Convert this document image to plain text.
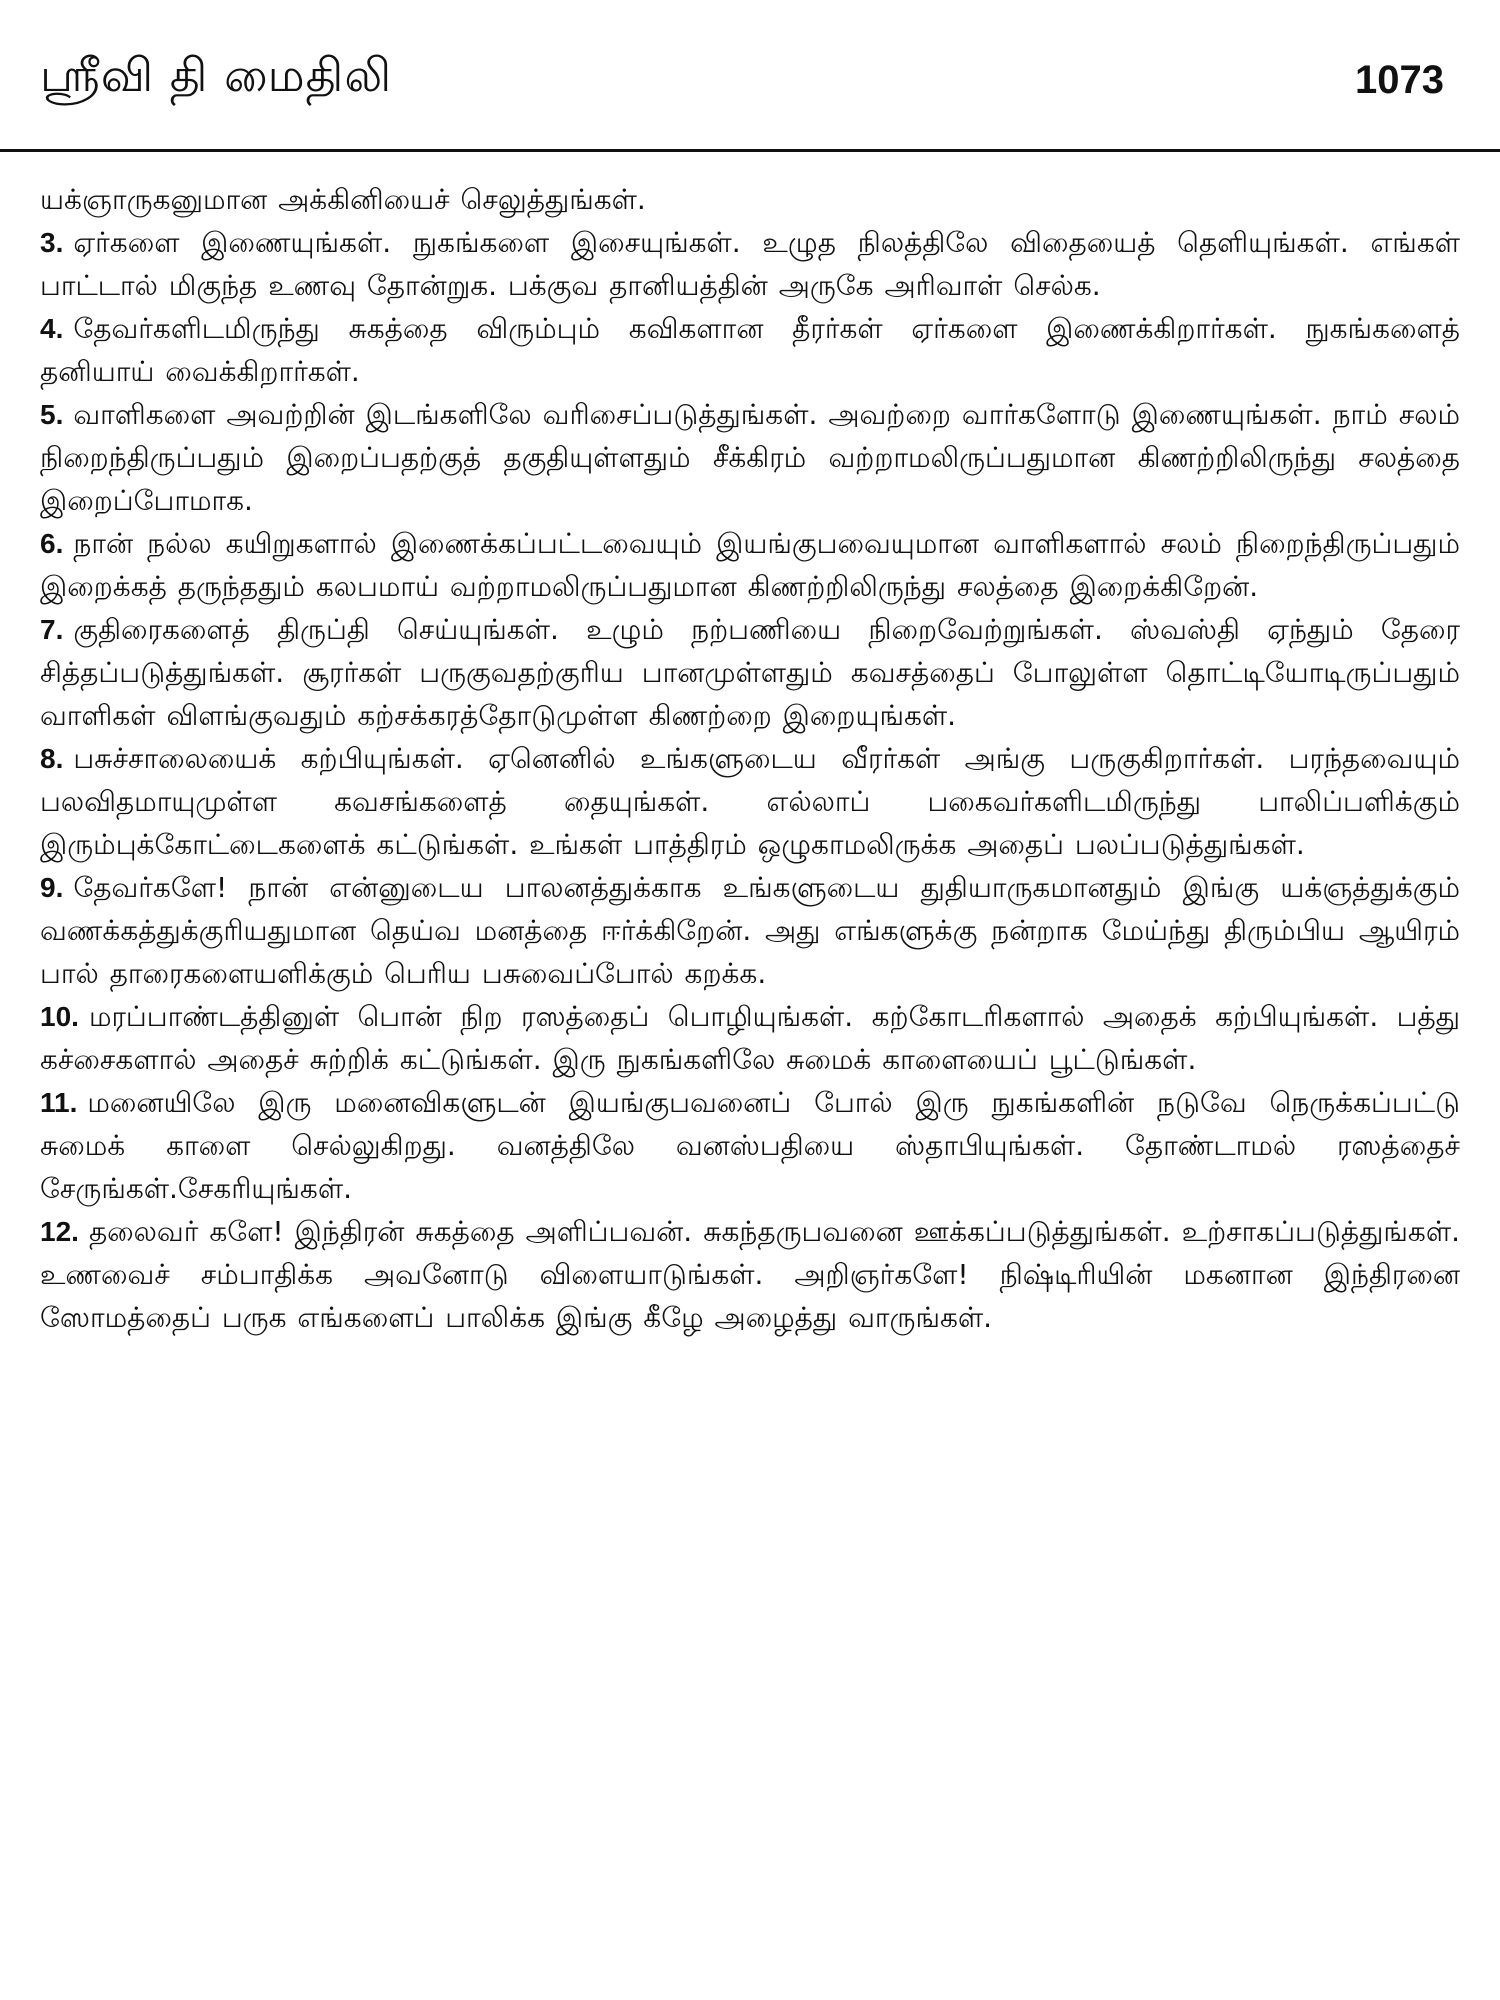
ஸ்ரீவி தி மைதிலி	1073

யக்ஞாருகனுமான அக்கினியைச் செலுத்துங்கள்.

3. ஏர்களை இணையுங்கள். நுகங்களை இசையுங்கள். உழுத நிலத்திலே விதையைத் தெளியுங்கள். எங்கள் பாட்டால் மிகுந்த உணவு தோன்றுக. பக்குவ தானியத்தின் அருகே அரிவாள் செல்க.

4. தேவர்களிடமிருந்து சுகத்தை விரும்பும் கவிகளான தீரர்கள் ஏர்களை இணைக்கிறார்கள். நுகங்களைத் தனியாய் வைக்கிறார்கள்.

5. வாளிகளை அவற்றின் இடங்களிலே வரிசைப்படுத்துங்கள். அவற்றை வார்களோடு இணையுங்கள். நாம் சலம் நிறைந்திருப்பதும் இறைப்பதற்குத் தகுதியுள்ளதும் சீக்கிரம் வற்றாமலிருப்பதுமான கிணற்றிலிருந்து சலத்தை இறைப்போமாக.

6. நான் நல்ல கயிறுகளால் இணைக்கப்பட்டவையும் இயங்குபவையுமான வாளிகளால் சலம் நிறைந்திருப்பதும் இறைக்கத் தருந்ததும் கலபமாய் வற்றாமலிருப்பதுமான கிணற்றிலிருந்து சலத்தை இறைக்கிறேன்.

7. குதிரைகளைத் திருப்தி செய்யுங்கள். உழும் நற்பணியை நிறைவேற்றுங்கள். ஸ்வஸ்தி ஏந்தும் தேரை சித்தப்படுத்துங்கள். சூரர்கள் பருகுவதற்குரிய பானமுள்ளதும் கவசத்தைப் போலுள்ள தொட்டியோடிருப்பதும் வாளிகள் விளங்குவதும் கற்சக்கரத்தோடுமுள்ள கிணற்றை இறையுங்கள்.

8. பசுச்சாலையைக் கற்பியுங்கள். ஏனெனில் உங்களுடைய வீரர்கள் அங்கு பருகுகிறார்கள். பரந்தவையும் பலவிதமாயுமுள்ள கவசங்களைத் தையுங்கள். எல்லாப் பகைவர்களிடமிருந்து பாலிப்பளிக்கும் இரும்புக்கோட்டைகளைக் கட்டுங்கள். உங்கள் பாத்திரம் ஒழுகாமலிருக்க அதைப் பலப்படுத்துங்கள்.

9. தேவர்களே! நான் என்னுடைய பாலனத்துக்காக உங்களுடைய துதியாருகமானதும் இங்கு யக்ஞத்துக்கும் வணக்கத்துக்குரியதுமான தெய்வ மனத்தை ஈர்க்கிறேன். அது எங்களுக்கு நன்றாக மேய்ந்து திரும்பிய ஆயிரம் பால் தாரைகளையளிக்கும் பெரிய பசுவைப்போல் கறக்க.

10. மரப்பாண்டத்தினுள் பொன் நிற ரஸத்தைப் பொழியுங்கள். கற்கோடரிகளால் அதைக் கற்பியுங்கள். பத்து கச்சைகளால் அதைச் சுற்றிக் கட்டுங்கள். இரு நுகங்களிலே சுமைக் காளையைப் பூட்டுங்கள்.

11. மனையிலே இரு மனைவிகளுடன் இயங்குபவனைப் போல் இரு நுகங்களின் நடுவே நெருக்கப்பட்டு சுமைக் காளை செல்லுகிறது. வனத்திலே வனஸ்பதியை ஸ்தாபியுங்கள். தோண்டாமல் ரஸத்தைச் சேருங்கள்.சேகரியுங்கள்.

12. தலைவர் களே! இந்திரன் சுகத்தை அளிப்பவன். சுகந்தருபவனை ஊக்கப்படுத்துங்கள். உற்சாகப்படுத்துங்கள். உணவைச் சம்பாதிக்க அவனோடு விளையாடுங்கள். அறிஞர்களே! நிஷ்டிரியின் மகனான இந்திரனை ஸோமத்தைப் பருக எங்களைப் பாலிக்க இங்கு கீழே அழைத்து வாருங்கள்.
